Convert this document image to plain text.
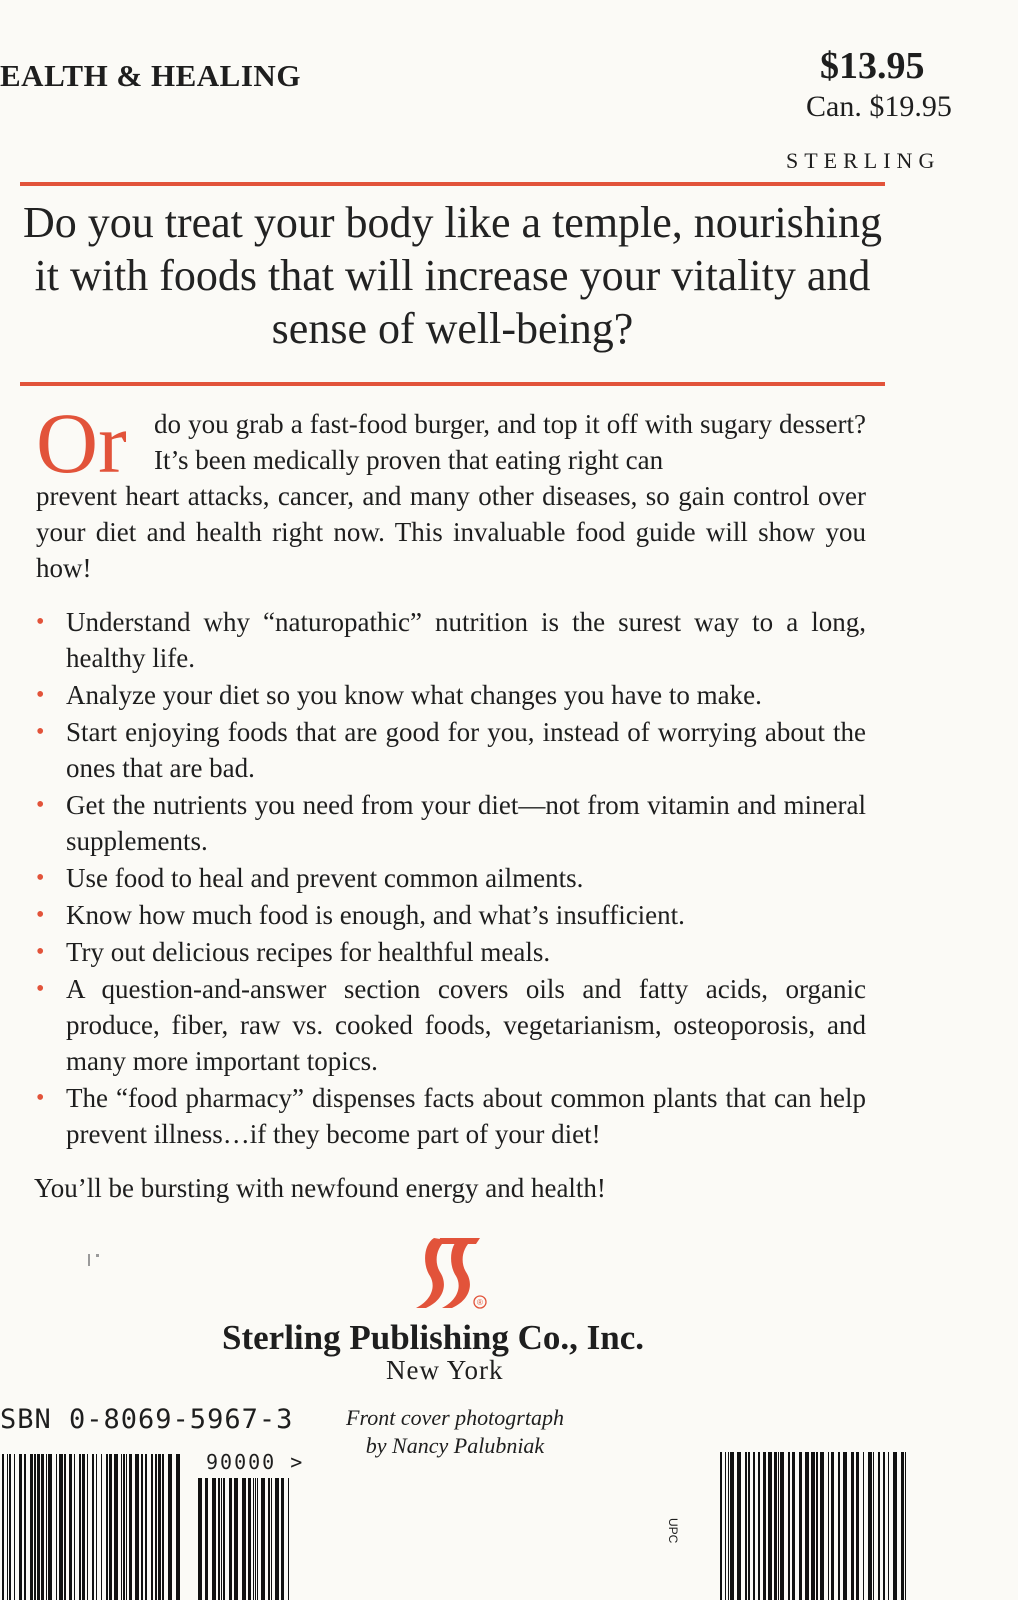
EALTH & HEALING	$13.95
Can. $19.95
STERLING
Do you treat your body like a temple, nourishing it with foods that will increase your vitality and sense of well-being?
Or do you grab a fast-food burger, and top it off with sugary dessert? It’s been medically proven that eating right can
prevent heart attacks, cancer, and many other diseases, so gain control over your diet and health right now. This invaluable food guide will show you how!
• Understand why “naturopathic” nutrition is the surest way to a long, healthy life.
• Analyze your diet so you know what changes you have to make.
• Start enjoying foods that are good for you, instead of worrying about the ones that are bad.
• Get the nutrients you need from your diet—not from vitamin and mineral supplements.
• Use food to heal and prevent common ailments.
• Know how much food is enough, and what’s insufficient.
• Try out delicious recipes for healthful meals.
• A question-and-answer section covers oils and fatty acids, organic produce, fiber, raw vs. cooked foods, vegetarianism, osteoporosis, and many more important topics.
• The “food pharmacy” dispenses facts about common plants that can help prevent illness…if they become part of your diet!
You’ll be bursting with newfound energy and health!
®
Sterling Publishing Co., Inc.
New York
SBN 0-8069-5967-3 Front cover photogrtaph
by Nancy Palubniak
90000 >
UPC
